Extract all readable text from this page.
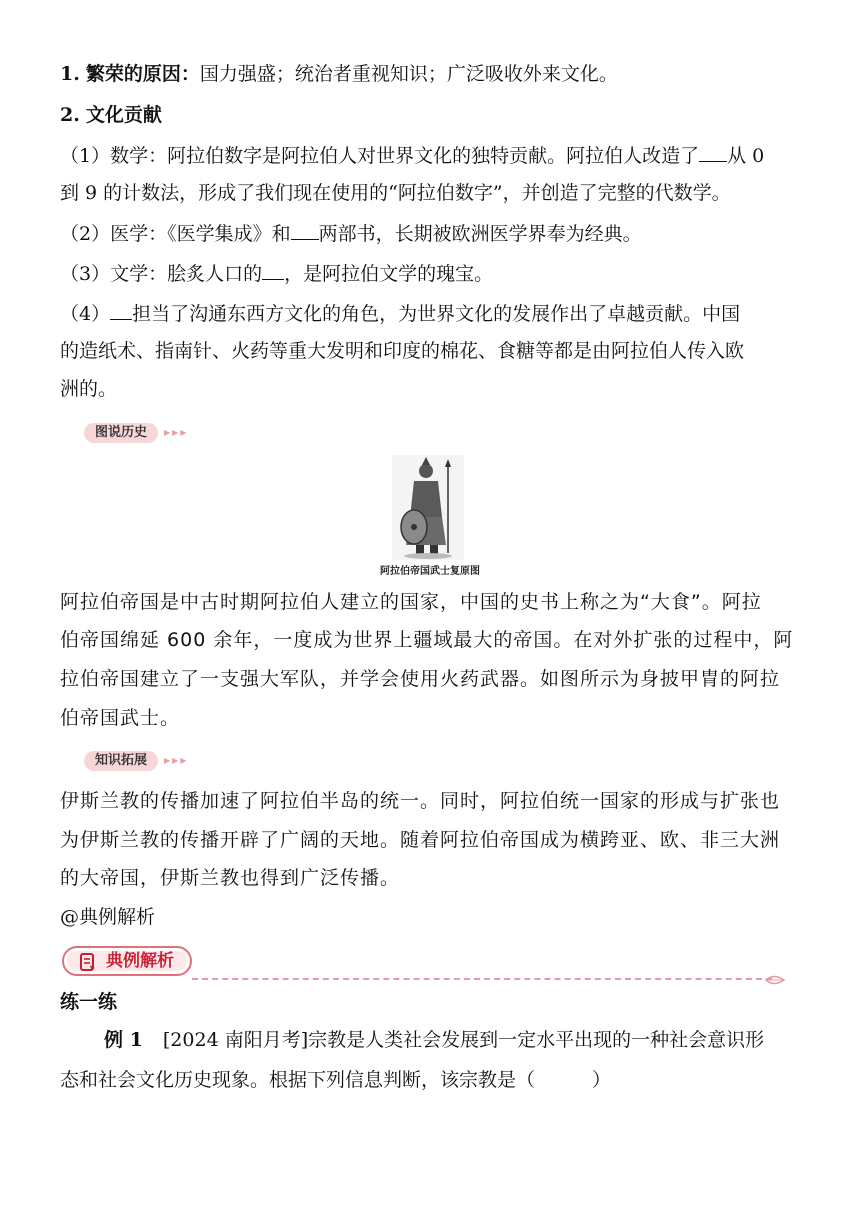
1. 繁荣的原因：国力强盛；统治者重视知识；广泛吸收外来文化。
2. 文化贡献
（1）数学：阿拉伯数字是阿拉伯人对世界文化的独特贡献。阿拉伯人改造了 从 0
到 9 的计数法，形成了我们现在使用的“阿拉伯数字”，并创造了完整的代数学。
（2）医学：《医学集成》和 两部书，长期被欧洲医学界奉为经典。
（3）文学：脍炙人口的 ，是阿拉伯文学的瑰宝。
（4） 担当了沟通东西方文化的角色，为世界文化的发展作出了卓越贡献。中国
的造纸术、指南针、火药等重大发明和印度的棉花、食糖等都是由阿拉伯人传入欧
洲的。
图说历史	▶▶▶
阿拉伯帝国武士复原图
阿拉伯帝国是中古时期阿拉伯人建立的国家，中国的史书上称之为“大食”。阿拉
伯帝国绵延 600 余年，一度成为世界上疆域最大的帝国。在对外扩张的过程中，阿
拉伯帝国建立了一支强大军队，并学会使用火药武器。如图所示为身披甲胄的阿拉
伯帝国武士。
知识拓展	▶▶▶
伊斯兰教的传播加速了阿拉伯半岛的统一。同时，阿拉伯统一国家的形成与扩张也
为伊斯兰教的传播开辟了广阔的天地。随着阿拉伯帝国成为横跨亚、欧、非三大洲
的大帝国，伊斯兰教也得到广泛传播。
@典例解析
典例解析
练一练
例 1 [2024 南阳月考]宗教是人类社会发展到一定水平出现的一种社会意识形
态和社会文化历史现象。根据下列信息判断，该宗教是（　　　）
